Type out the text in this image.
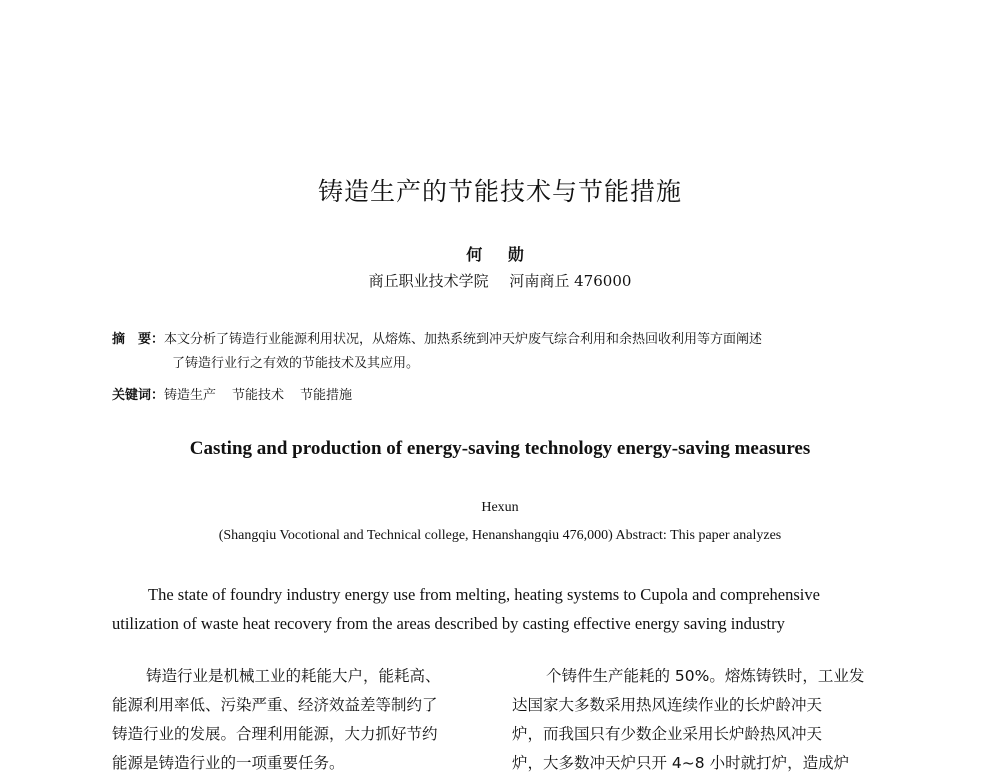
铸造生产的节能技术与节能措施
何 勋
商丘职业技术学院 河南商丘 476000
摘　要：本文分析了铸造行业能源利用状况，从熔炼、加热系统到冲天炉废气综合利用和余热回收利用等方面阐述
了铸造行业行之有效的节能技术及其应用。
关键词：铸造生产 节能技术 节能措施
Casting and production of energy-saving technology energy-saving measures
Hexun
(Shangqiu Vocotional and Technical college, Henanshangqiu 476,000) Abstract: This paper analyzes
The state of foundry industry energy use from melting, heating systems to Cupola and comprehensive
utilization of waste heat recovery from the areas described by casting effective energy saving industry
铸造行业是机械工业的耗能大户，能耗高、
能源利用率低、污染严重、经济效益差等制约了
铸造行业的发展。合理利用能源，大力抓好节约
能源是铸造行业的一项重要任务。
个铸件生产能耗的 50%。熔炼铸铁时，工业发
达国家大多数采用热风连续作业的长炉龄冲天
炉，而我国只有少数企业采用长炉龄热风冲天
炉，大多数冲天炉只开 4~8 小时就打炉，造成炉
